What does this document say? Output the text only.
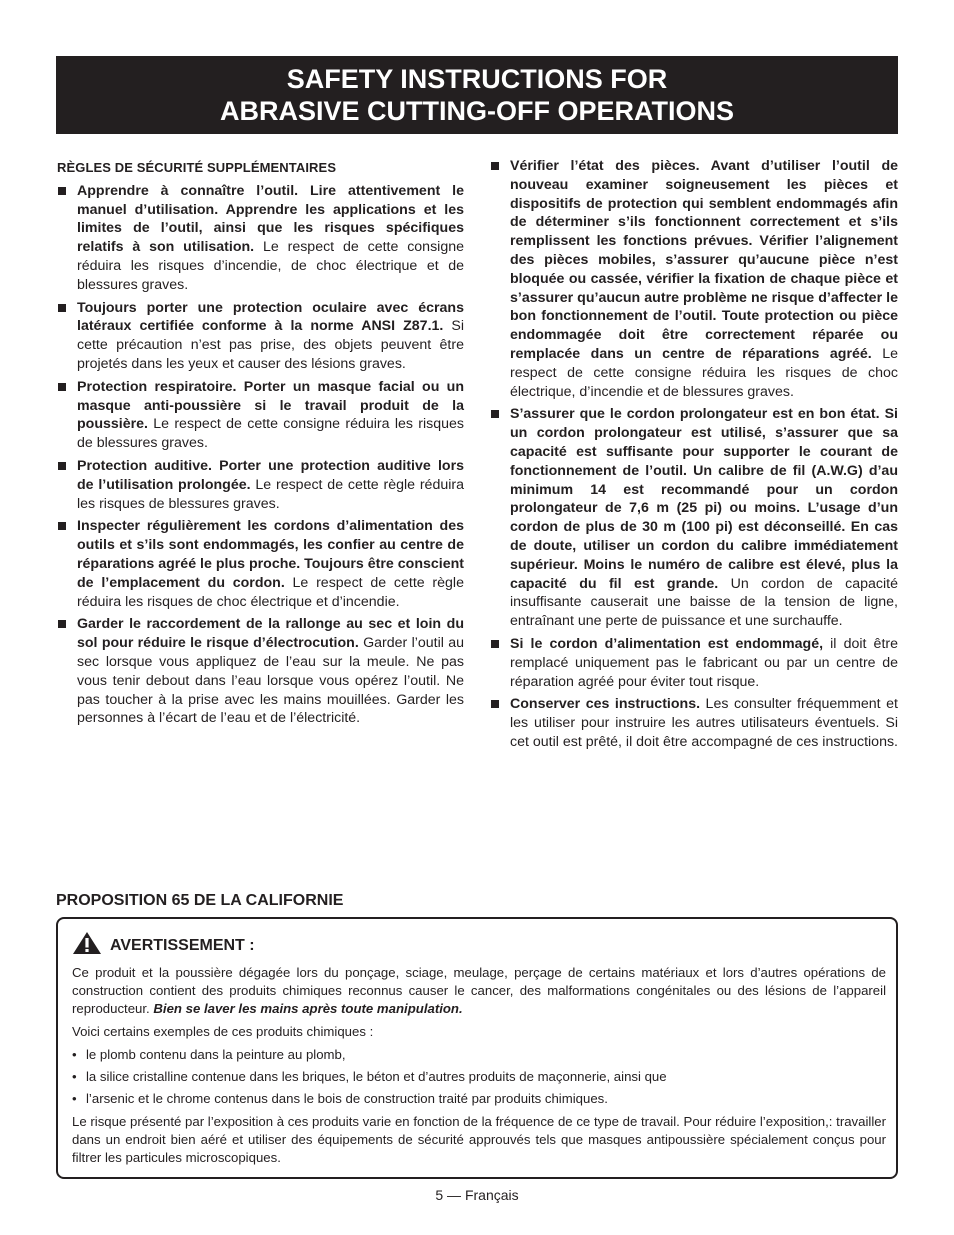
SAFETY INSTRUCTIONS FOR
ABRASIVE CUTTING-OFF OPERATIONS
RÈGLES DE SÉCURITÉ SUPPLÉMENTAIRES
Apprendre à connaître l’outil. Lire attentivement le manuel d’utilisation. Apprendre les applications et les limites de l’outil, ainsi que les risques spécifiques relatifs à son utilisation. Le respect de cette consigne réduira les risques d’incendie, de choc électrique et de blessures graves.
Toujours porter une protection oculaire avec écrans latéraux certifiée conforme à la norme ANSI Z87.1. Si cette précaution n’est pas prise, des objets peuvent être projetés dans les yeux et causer des lésions graves.
Protection respiratoire. Porter un masque facial ou un masque anti-poussière si le travail produit de la poussière. Le respect de cette consigne réduira les risques de blessures graves.
Protection auditive. Porter une protection auditive lors de l’utilisation prolongée. Le respect de cette règle réduira les risques de blessures graves.
Inspecter régulièrement les cordons d’alimentation des outils et s’ils sont endommagés, les confier au centre de réparations agréé le plus proche. Toujours être conscient de l’emplacement du cordon. Le respect de cette règle réduira les risques de choc électrique et d’incendie.
Garder le raccordement de la rallonge au sec et loin du sol pour réduire le risque d’électrocution. Garder l’outil au sec lorsque vous appliquez de l’eau sur la meule. Ne pas vous tenir debout dans l’eau lorsque vous opérez l’outil. Ne pas toucher à la prise avec les mains mouillées. Garder les personnes à l’écart de l’eau et de l’électricité.
Vérifier l’état des pièces. Avant d’utiliser l’outil de nouveau examiner soigneusement les pièces et dispositifs de protection qui semblent endommagés afin de déterminer s’ils fonctionnent correctement et s’ils remplissent les fonctions prévues. Vérifier l’alignement des pièces mobiles, s’assurer qu’aucune pièce n’est bloquée ou cassée, vérifier la fixation de chaque pièce et s’assurer qu’aucun autre problème ne risque d’affecter le bon fonctionnement de l’outil. Toute protection ou pièce endommagée doit être correctement réparée ou remplacée dans un centre de réparations agréé. Le respect de cette consigne réduira les risques de choc électrique, d’incendie et de blessures graves.
S’assurer que le cordon prolongateur est en bon état. Si un cordon prolongateur est utilisé, s’assurer que sa capacité est suffisante pour supporter le courant de fonctionnement de l’outil. Un calibre de fil (A.W.G) d’au minimum 14 est recommandé pour un cordon prolongateur de 7,6 m (25 pi) ou moins. L’usage d’un cordon de plus de 30 m (100 pi) est déconseillé. En cas de doute, utiliser un cordon du calibre immédiatement supérieur. Moins le numéro de calibre est élevé, plus la capacité du fil est grande. Un cordon de capacité insuffisante causerait une baisse de la tension de ligne, entraînant une perte de puissance et une surchauffe.
Si le cordon d’alimentation est endommagé, il doit être remplacé uniquement pas le fabricant ou par un centre de réparation agréé pour éviter tout risque.
Conserver ces instructions. Les consulter fréquemment et les utiliser pour instruire les autres utilisateurs éventuels. Si cet outil est prêté, il doit être accompagné de ces instructions.
PROPOSITION 65 DE LA CALIFORNIE
AVERTISSEMENT :

Ce produit et la poussière dégagée lors du ponçage, sciage, meulage, perçage de certains matériaux et lors d’autres opérations de construction contient des produits chimiques reconnus causer le cancer, des malformations congénitales ou des lésions de l’appareil reproducteur. Bien se laver les mains après toute manipulation.

Voici certains exemples de ces produits chimiques :

• le plomb contenu dans la peinture au plomb,
• la silice cristalline contenue dans les briques, le béton et d’autres produits de maçonnerie, ainsi que
• l’arsenic et le chrome contenus dans le bois de construction traité par produits chimiques.

Le risque présenté par l’exposition à ces produits varie en fonction de la fréquence de ce type de travail. Pour réduire l’exposition,: travailler dans un endroit bien aéré et utiliser des équipements de sécurité approuvés tels que masques antipoussière spécialement conçus pour filtrer les particules microscopiques.

5 — Français
